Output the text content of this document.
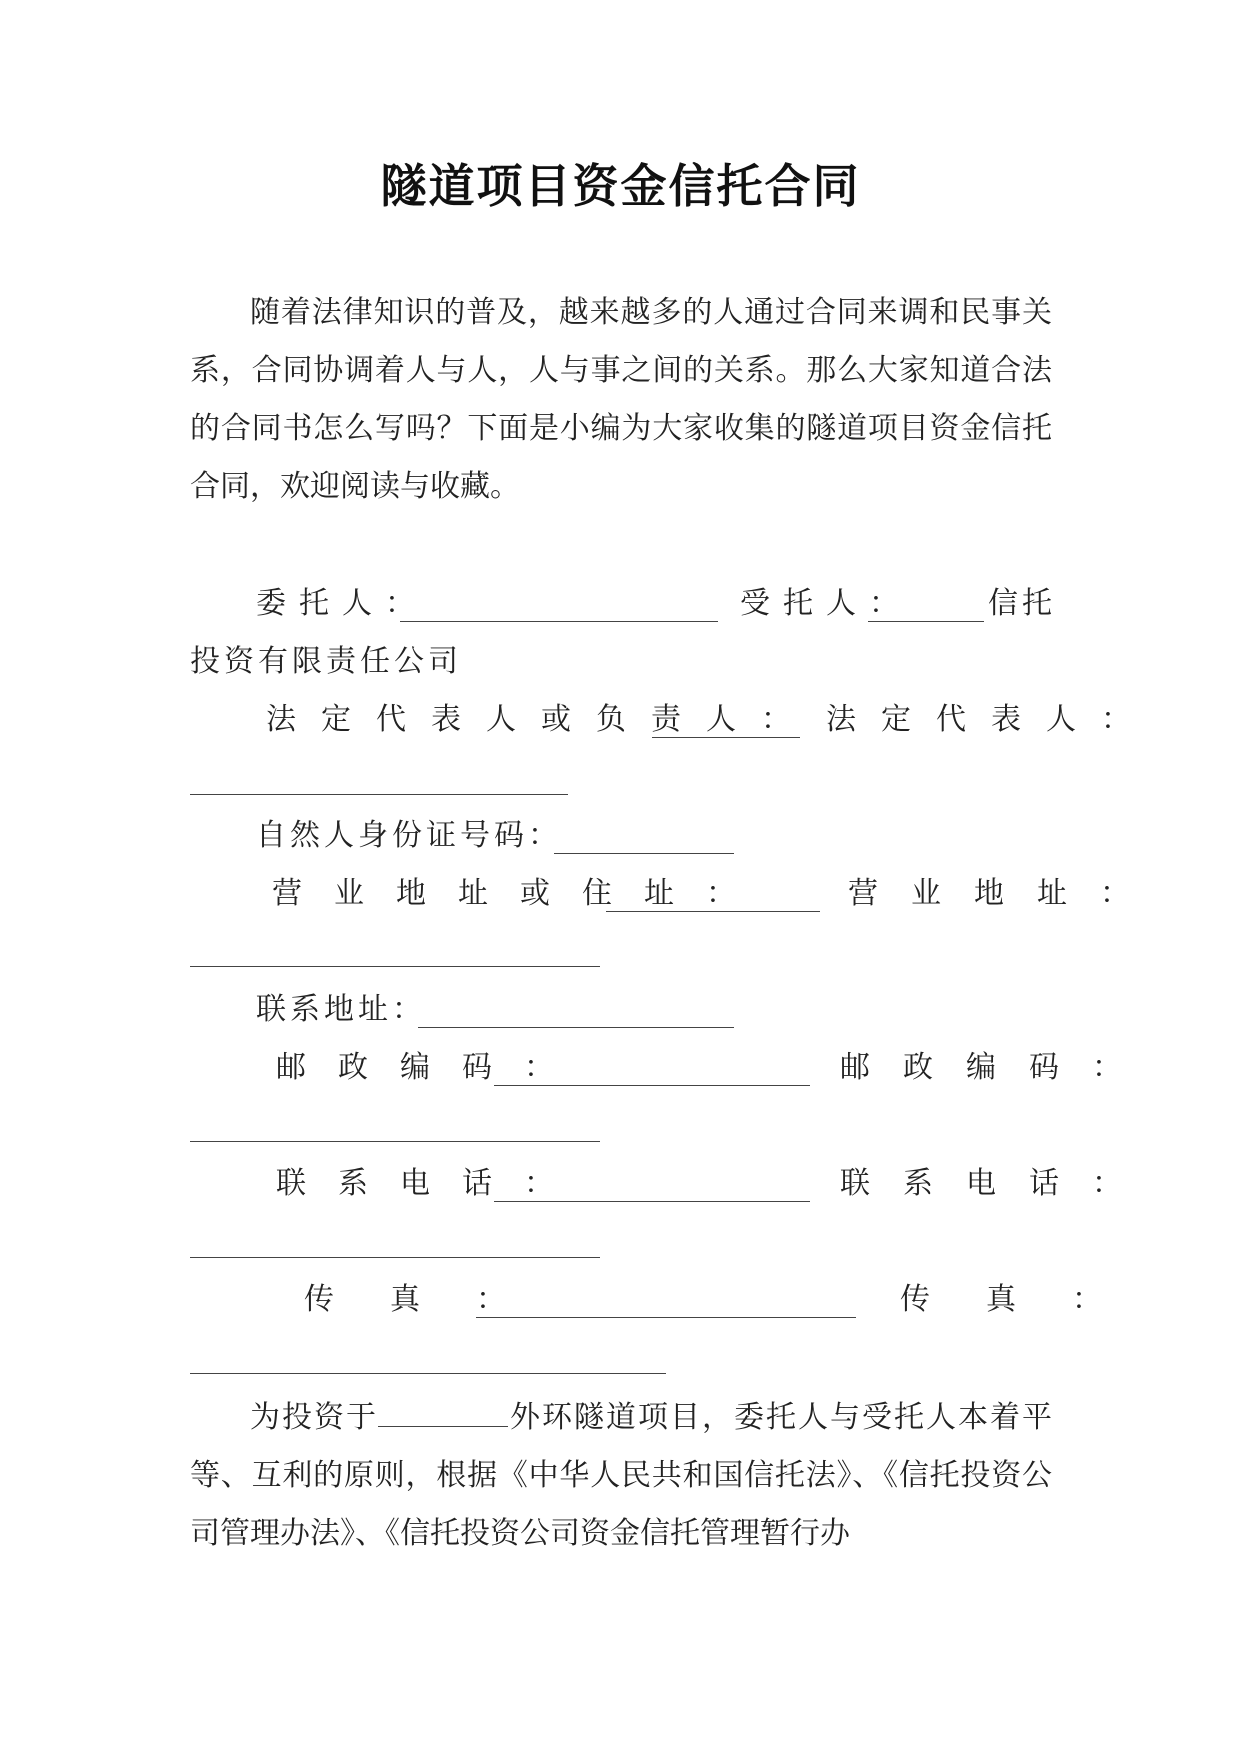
隧道项目资金信托合同
随着法律知识的普及，越来越多的人通过合同来调和民事关系，合同协调着人与人，人与事之间的关系。那么大家知道合法的合同书怎么写吗？下面是小编为大家收集的隧道项目资金信托合同，欢迎阅读与收藏。
委托人：	受托人：	信托
投资有限责任公司
法定代表人或负责人： 法定代表人：
自然人身份证号码：
营业地址或住址：	营业地址：
联系地址：
邮政编码：	邮政编码：
联系电话：	联系电话：
传真：	传真：
为投资于	外环隧道项目，委托人与受托人本着平等、互利的原则，根据《中华人民共和国信托法》、《信托投资公司管理办法》、《信托投资公司资金信托管理暂行办
